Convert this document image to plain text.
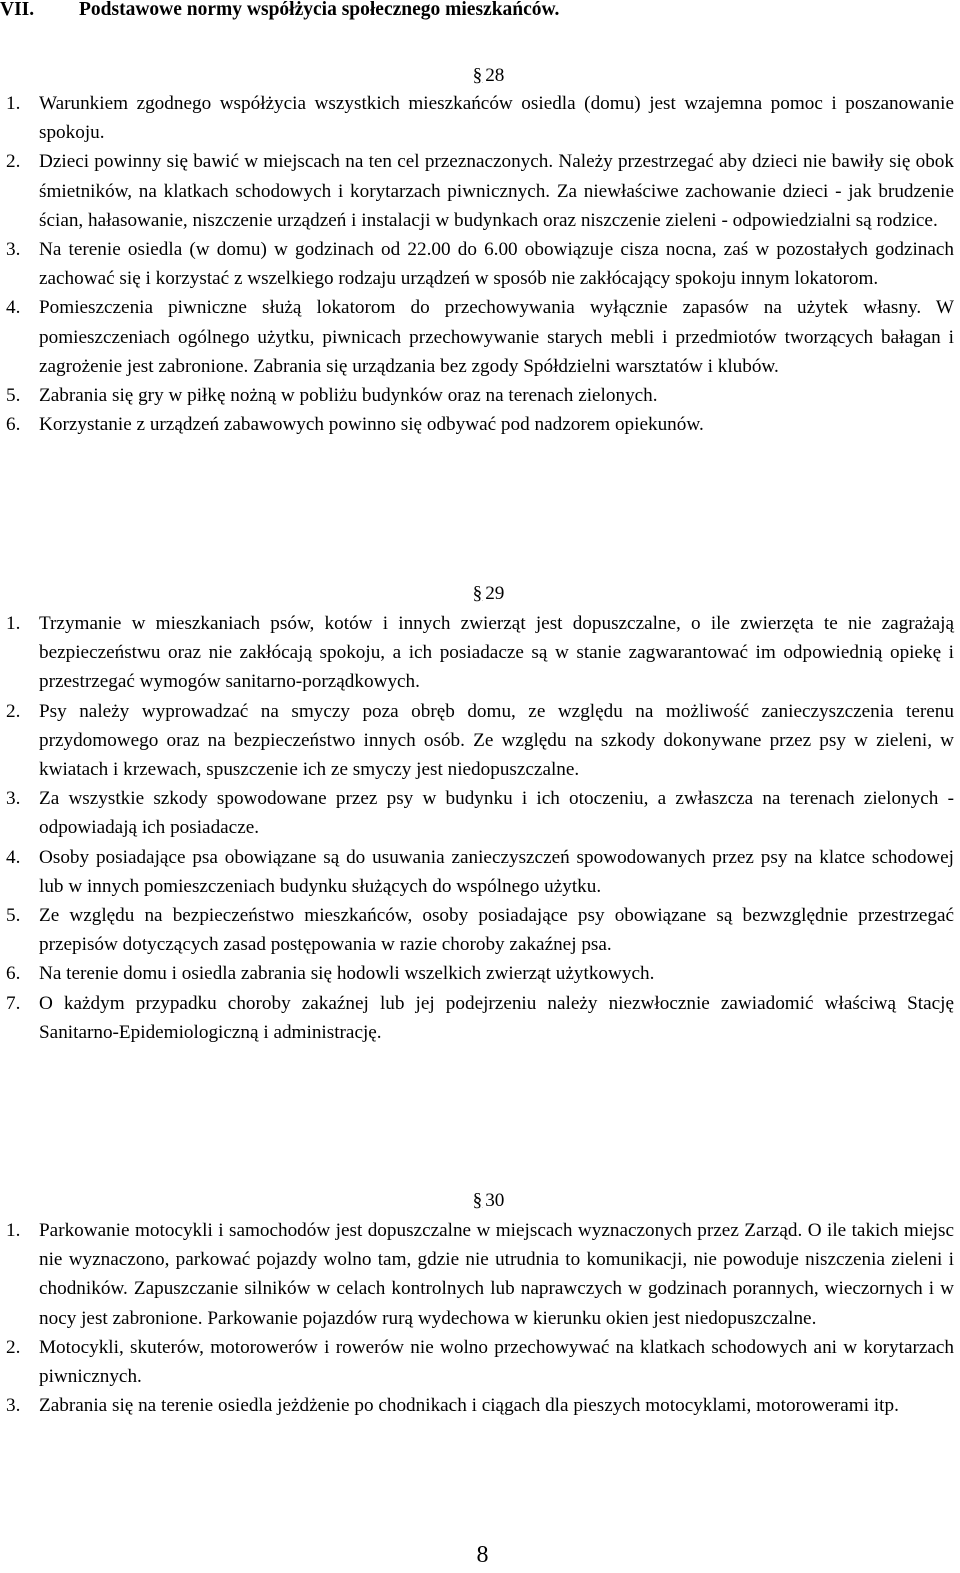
VII. Podstawowe normy współżycia społecznego mieszkańców.
§ 28
1. Warunkiem zgodnego współżycia wszystkich mieszkańców osiedla (domu) jest wzajemna pomoc i poszanowanie spokoju.
2. Dzieci powinny się bawić w miejscach na ten cel przeznaczonych. Należy przestrzegać aby dzieci nie bawiły się obok śmietników, na klatkach schodowych i korytarzach piwnicznych. Za niewłaściwe zachowanie dzieci - jak brudzenie ścian, hałasowanie, niszczenie urządzeń i instalacji w budynkach oraz niszczenie zieleni - odpowiedzialni są rodzice.
3. Na terenie osiedla (w domu) w godzinach od 22.00 do 6.00 obowiązuje cisza nocna, zaś w pozostałych godzinach zachować się i korzystać z wszelkiego rodzaju urządzeń w sposób nie zakłócający spokoju innym lokatorom.
4. Pomieszczenia piwniczne służą lokatorom do przechowywania wyłącznie zapasów na użytek własny. W pomieszczeniach ogólnego użytku, piwnicach przechowywanie starych mebli i przedmiotów tworzących bałagan i zagrożenie jest zabronione. Zabrania się urządzania bez zgody Spółdzielni warsztatów i klubów.
5. Zabrania się gry w piłkę nożną w pobliżu budynków oraz na terenach zielonych.
6. Korzystanie z urządzeń zabawowych powinno się odbywać pod nadzorem opiekunów.
§ 29
1. Trzymanie w mieszkaniach psów, kotów i innych zwierząt jest dopuszczalne, o ile zwierzęta te nie zagrażają bezpieczeństwu oraz nie zakłócają spokoju, a ich posiadacze są w stanie zagwarantować im odpowiednią opiekę i przestrzegać wymogów sanitarno-porządkowych.
2. Psy należy wyprowadzać na smyczy poza obręb domu, ze względu na możliwość zanieczyszczenia terenu przydomowego oraz na bezpieczeństwo innych osób. Ze względu na szkody dokonywane przez psy w zieleni, w kwiatach i krzewach, spuszczenie ich ze smyczy jest niedopuszczalne.
3. Za wszystkie szkody spowodowane przez psy w budynku i ich otoczeniu, a zwłaszcza na terenach zielonych - odpowiadają ich posiadacze.
4. Osoby posiadające psa obowiązane są do usuwania zanieczyszczeń spowodowanych przez psy na klatce schodowej lub w innych pomieszczeniach budynku służących do wspólnego użytku.
5. Ze względu na bezpieczeństwo mieszkańców, osoby posiadające psy obowiązane są bezwzględnie przestrzegać przepisów dotyczących zasad postępowania w razie choroby zakaźnej psa.
6. Na terenie domu i osiedla zabrania się hodowli wszelkich zwierząt użytkowych.
7. O każdym przypadku choroby zakaźnej lub jej podejrzeniu należy niezwłocznie zawiadomić właściwą Stację Sanitarno-Epidemiologiczną i administrację.
§ 30
1. Parkowanie motocykli i samochodów jest dopuszczalne w miejscach wyznaczonych przez Zarząd. O ile takich miejsc nie wyznaczono, parkować pojazdy wolno tam, gdzie nie utrudnia to komunikacji, nie powoduje niszczenia zieleni i chodników. Zapuszczanie silników w celach kontrolnych lub naprawczych w godzinach porannych, wieczornych i w nocy jest zabronione. Parkowanie pojazdów rurą wydechowa w kierunku okien jest niedopuszczalne.
2. Motocykli, skuterów, motorowerów i rowerów nie wolno przechowywać na klatkach schodowych ani w korytarzach piwnicznych.
3. Zabrania się na terenie osiedla jeżdżenie po chodnikach i ciągach dla pieszych motocyklami, motorowerami itp.
8
